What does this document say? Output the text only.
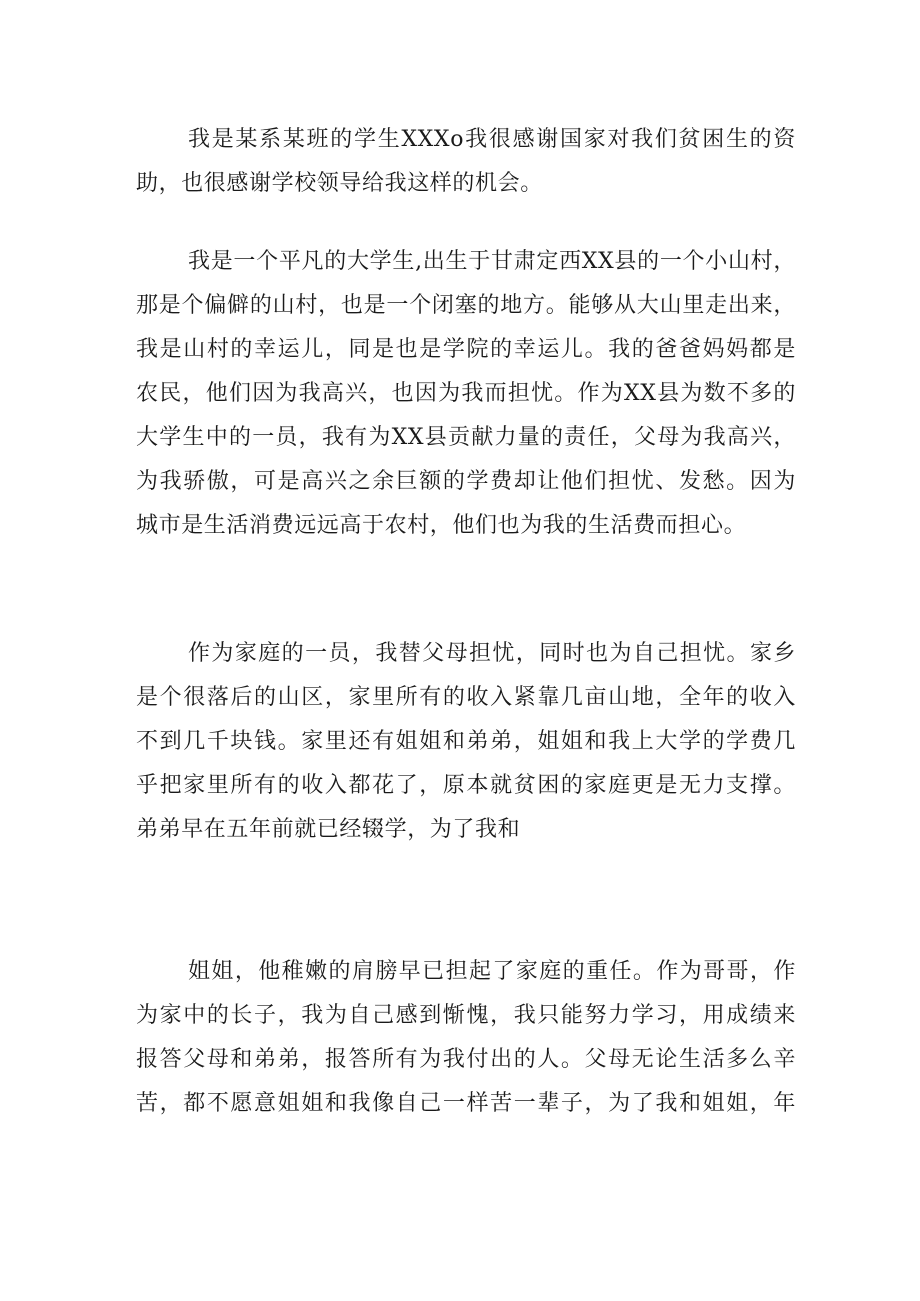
我是某系某班的学生XXXo我很感谢国家对我们贫困生的资
助，也很感谢学校领导给我这样的机会。
我是一个平凡的大学生,出生于甘肃定西XX县的一个小山村，
那是个偏僻的山村，也是一个闭塞的地方。能够从大山里走出来，
我是山村的幸运儿，同是也是学院的幸运儿。我的爸爸妈妈都是
农民，他们因为我高兴，也因为我而担忧。作为XX县为数不多的
大学生中的一员，我有为XX县贡献力量的责任，父母为我高兴，
为我骄傲，可是高兴之余巨额的学费却让他们担忧、发愁。因为
城市是生活消费远远高于农村，他们也为我的生活费而担心。
作为家庭的一员，我替父母担忧，同时也为自己担忧。家乡
是个很落后的山区，家里所有的收入紧靠几亩山地，全年的收入
不到几千块钱。家里还有姐姐和弟弟，姐姐和我上大学的学费几
乎把家里所有的收入都花了，原本就贫困的家庭更是无力支撑。
弟弟早在五年前就已经辍学，为了我和
姐姐，他稚嫩的肩膀早已担起了家庭的重任。作为哥哥，作
为家中的长子，我为自己感到惭愧，我只能努力学习，用成绩来
报答父母和弟弟，报答所有为我付出的人。父母无论生活多么辛
苦，都不愿意姐姐和我像自己一样苦一辈子，为了我和姐姐，年
